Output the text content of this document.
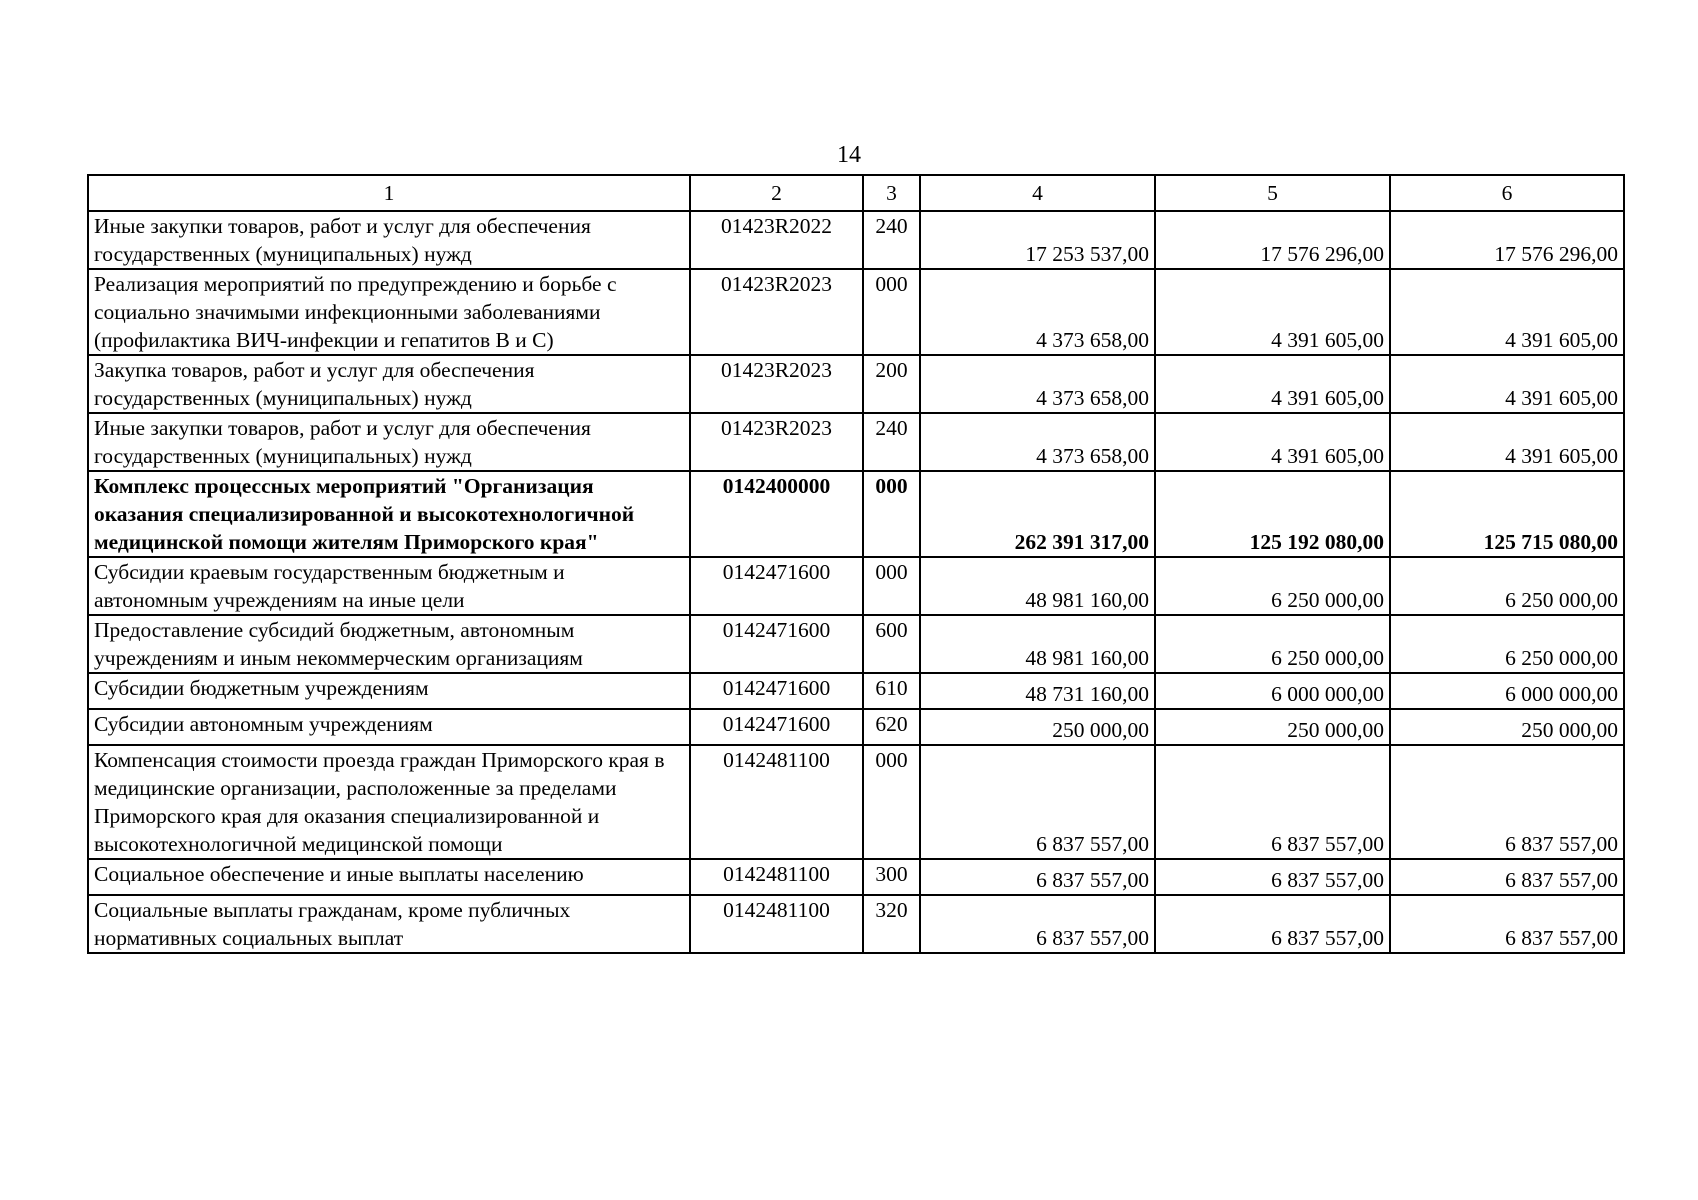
14
1	2	3	4	5	6
Иные закупки товаров, работ и услуг для обеспечения государственных (муниципальных) нужд	01423R2022	240	17 253 537,00	17 576 296,00	17 576 296,00
Реализация мероприятий по предупреждению и борьбе с социально значимыми инфекционными заболеваниями (профилактика ВИЧ-инфекции и гепатитов В и С)	01423R2023	000	4 373 658,00	4 391 605,00	4 391 605,00
Закупка товаров, работ и услуг для обеспечения государственных (муниципальных) нужд	01423R2023	200	4 373 658,00	4 391 605,00	4 391 605,00
Иные закупки товаров, работ и услуг для обеспечения государственных (муниципальных) нужд	01423R2023	240	4 373 658,00	4 391 605,00	4 391 605,00
Комплекс процессных мероприятий "Организация оказания специализированной и высокотехнологичной медицинской помощи жителям Приморского края"	0142400000	000	262 391 317,00	125 192 080,00	125 715 080,00
Субсидии краевым государственным бюджетным и автономным учреждениям на иные цели	0142471600	000	48 981 160,00	6 250 000,00	6 250 000,00
Предоставление субсидий бюджетным, автономным учреждениям и иным некоммерческим организациям	0142471600	600	48 981 160,00	6 250 000,00	6 250 000,00
Субсидии бюджетным учреждениям	0142471600	610	48 731 160,00	6 000 000,00	6 000 000,00
Субсидии автономным учреждениям	0142471600	620	250 000,00	250 000,00	250 000,00
Компенсация стоимости проезда граждан Приморского края в медицинские организации, расположенные за пределами Приморского края для оказания специализированной и высокотехнологичной медицинской помощи	0142481100	000	6 837 557,00	6 837 557,00	6 837 557,00
Социальное обеспечение и иные выплаты населению	0142481100	300	6 837 557,00	6 837 557,00	6 837 557,00
Социальные выплаты гражданам, кроме публичных нормативных социальных выплат	0142481100	320	6 837 557,00	6 837 557,00	6 837 557,00
